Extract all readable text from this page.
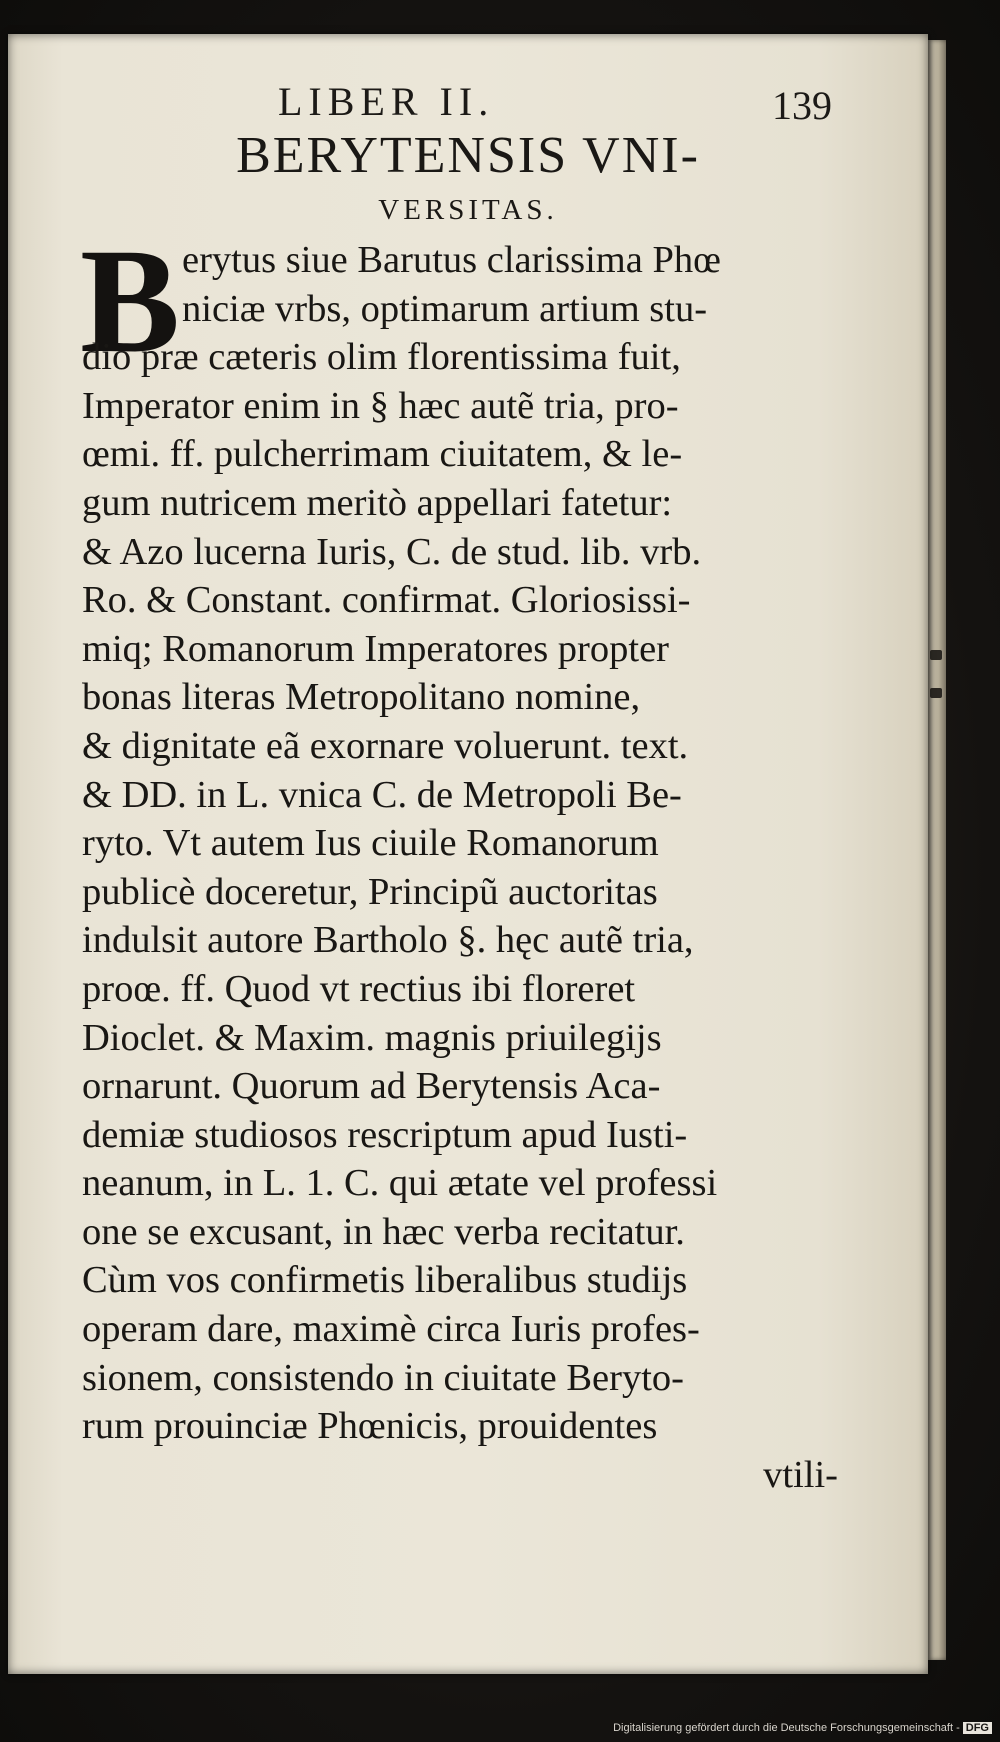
LIBER II.	139
BERYTENSIS VNI-
VERSITAS.
B erytus siue Barutus clarissima Phœ
niciæ vrbs, optimarum artium stu-
dio præ cæteris olim florentissima fuit,
Imperator enim in § hæc autẽ tria, pro-
œmi. ff. pulcherrimam ciuitatem, & le-
gum nutricem meritò appellari fatetur:
& Azo lucerna Iuris, C. de stud. lib. vrb.
Ro. & Constant. confirmat. Gloriosissi-
miq; Romanorum Imperatores propter
bonas literas Metropolitano nomine,
& dignitate eã exornare voluerunt. text.
& DD. in L. vnica C. de Metropoli Be-
ryto. Vt autem Ius ciuile Romanorum
publicè doceretur, Principũ auctoritas
indulsit autore Bartholo §. hęc autẽ tria,
proœ. ff. Quod vt rectius ibi floreret
Dioclet. & Maxim. magnis priuilegijs
ornarunt. Quorum ad Berytensis Aca-
demiæ studiosos rescriptum apud Iusti-
neanum, in L. 1. C. qui ætate vel professi
one se excusant, in hæc verba recitatur.
Cùm vos confirmetis liberalibus studijs
operam dare, maximè circa Iuris profes-
sionem, consistendo in ciuitate Beryto-
rum prouinciæ Phœnicis, prouidentes
vtili-
Digitalisierung gefördert durch die Deutsche Forschungsgemeinschaft - DFG
